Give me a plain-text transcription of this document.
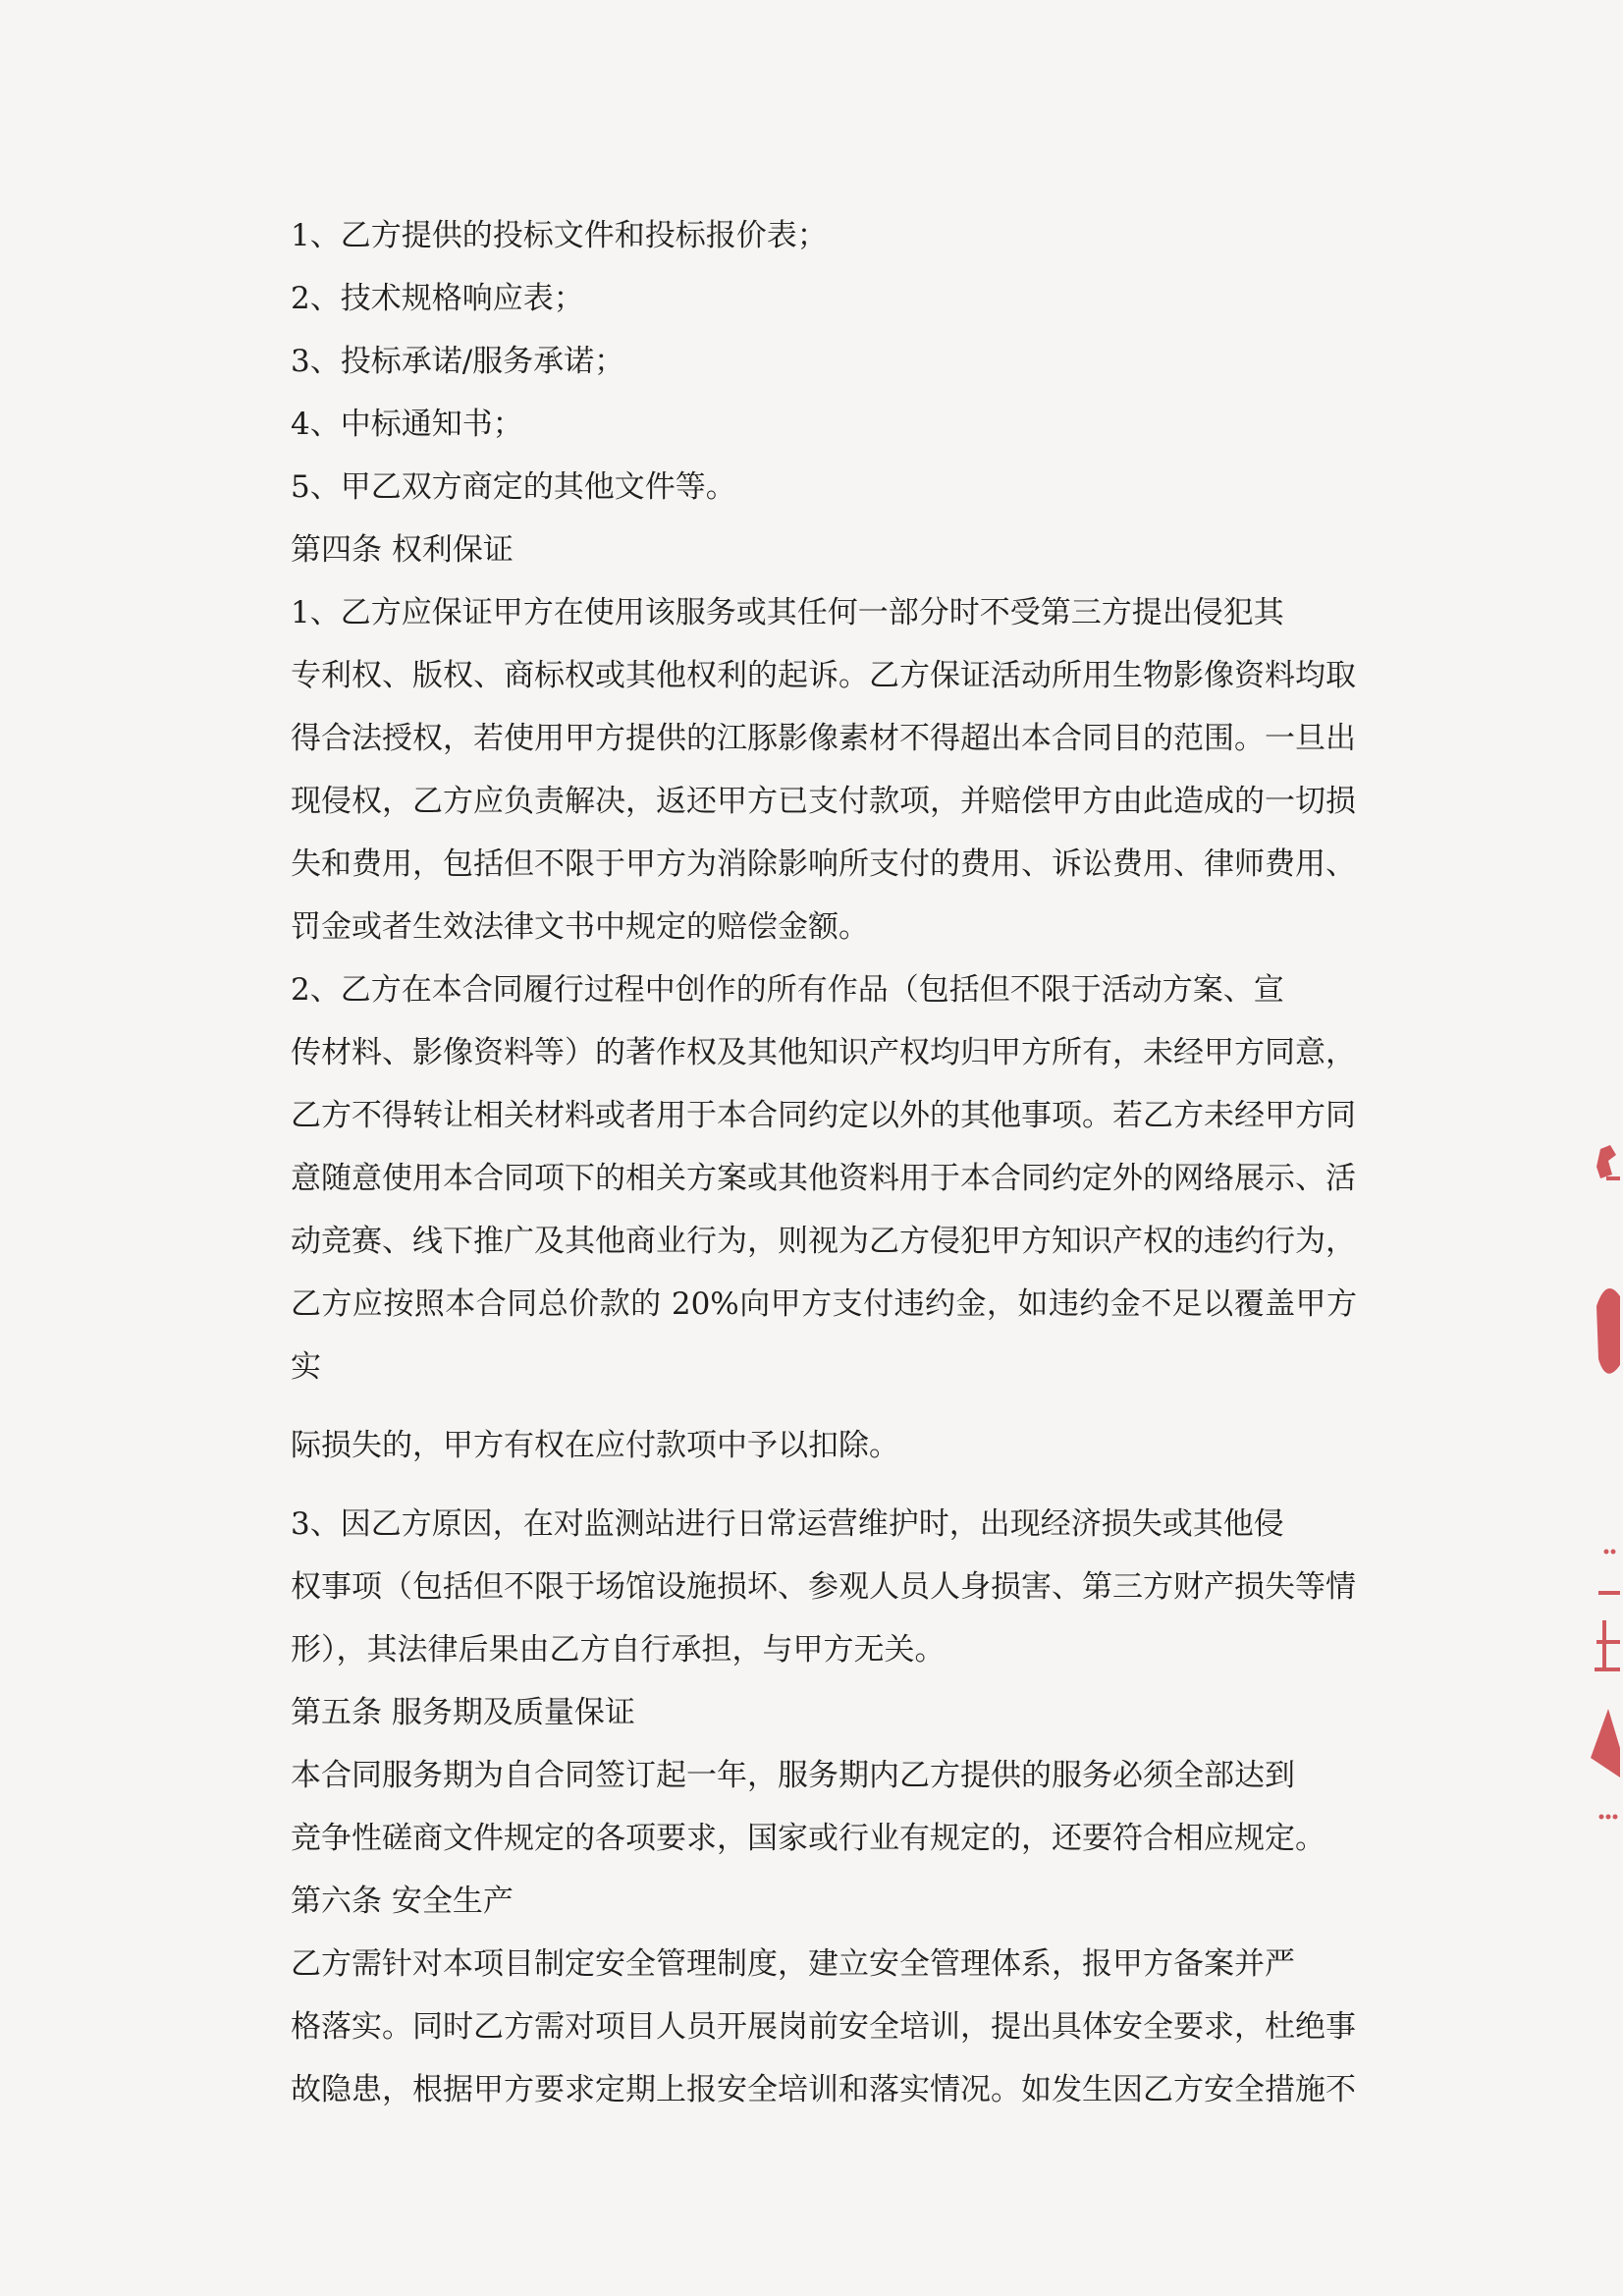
1、乙方提供的投标文件和投标报价表；

2、技术规格响应表；

3、投标承诺/服务承诺；

4、中标通知书；

5、甲乙双方商定的其他文件等。

第四条 权利保证

1、乙方应保证甲方在使用该服务或其任何一部分时不受第三方提出侵犯其

专利权、版权、商标权或其他权利的起诉。乙方保证活动所用生物影像资料均取

得合法授权，若使用甲方提供的江豚影像素材不得超出本合同目的范围。一旦出

现侵权，乙方应负责解决，返还甲方已支付款项，并赔偿甲方由此造成的一切损

失和费用，包括但不限于甲方为消除影响所支付的费用、诉讼费用、律师费用、

罚金或者生效法律文书中规定的赔偿金额。

2、乙方在本合同履行过程中创作的所有作品（包括但不限于活动方案、宣

传材料、影像资料等）的著作权及其他知识产权均归甲方所有，未经甲方同意，

乙方不得转让相关材料或者用于本合同约定以外的其他事项。若乙方未经甲方同

意随意使用本合同项下的相关方案或其他资料用于本合同约定外的网络展示、活

动竞赛、线下推广及其他商业行为，则视为乙方侵犯甲方知识产权的违约行为，

乙方应按照本合同总价款的 20%向甲方支付违约金，如违约金不足以覆盖甲方实

际损失的，甲方有权在应付款项中予以扣除。

3、因乙方原因，在对监测站进行日常运营维护时，出现经济损失或其他侵

权事项（包括但不限于场馆设施损坏、参观人员人身损害、第三方财产损失等情

形），其法律后果由乙方自行承担，与甲方无关。

第五条 服务期及质量保证

本合同服务期为自合同签订起一年，服务期内乙方提供的服务必须全部达到

竞争性磋商文件规定的各项要求，国家或行业有规定的，还要符合相应规定。

第六条 安全生产

乙方需针对本项目制定安全管理制度，建立安全管理体系，报甲方备案并严

格落实。同时乙方需对项目人员开展岗前安全培训，提出具体安全要求，杜绝事

故隐患，根据甲方要求定期上报安全培训和落实情况。如发生因乙方安全措施不
